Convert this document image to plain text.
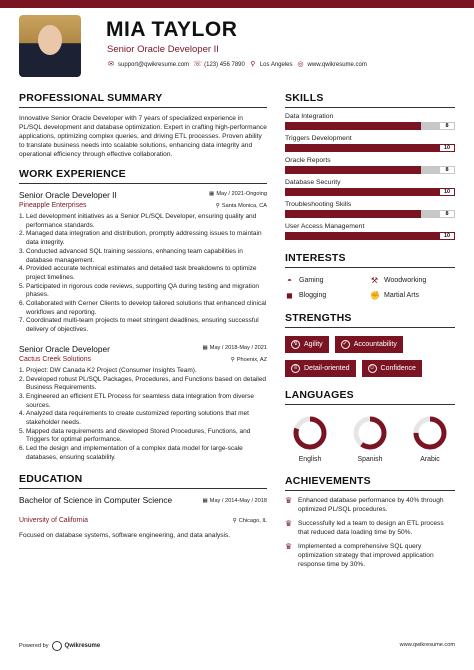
MIA TAYLOR
Senior Oracle Developer II
✉ support@qwikresume.com ☏ (123) 456 7890 ⚲ Los Angeles ◎ www.qwikresume.com
PROFESSIONAL SUMMARY

Innovative Senior Oracle Developer with 7 years of specialized experience in PL/SQL development and database optimization. Expert in crafting high-performance applications, optimizing complex queries, and driving ETL processes. Proven ability to translate business needs into scalable solutions, enhancing data integrity and operational efficiency through effective collaboration.

WORK EXPERIENCE
Senior Oracle Developer II	▦ May / 2021-Ongoing
Pineapple Enterprises	⚲ Santa Monica, CA
1. Led development initiatives as a Senior PL/SQL Developer, ensuring quality and performance standards.
2. Managed data integration and distribution, promptly addressing issues to maintain data integrity.
3. Conducted advanced SQL training sessions, enhancing team capabilities in database management.
4. Provided accurate technical estimates and detailed task breakdowns to optimize project timelines.
5. Participated in rigorous code reviews, supporting QA during testing and migration phases.
6. Collaborated with Cerner Clients to develop tailored solutions that enhanced clinical workflows and reporting.
7. Coordinated multi-team projects to meet stringent deadlines, ensuring successful delivery of objectives.
Senior Oracle Developer	▦ May / 2018-May / 2021
Cactus Creek Solutions	⚲ Phoenix, AZ
1. Project: DW Canada K2 Project (Consumer Insights Team).
2. Developed robust PL/SQL Packages, Procedures, and Functions based on detailed Business Requirements.
3. Engineered an efficient ETL Process for seamless data integration from diverse sources.
4. Analyzed data requirements to create customized reporting solutions that met stakeholder needs.
5. Mapped data requirements and developed Stored Procedures, Functions, and Triggers for optimal performance.
6. Led the design and implementation of a complex data model for large-scale databases, ensuring scalability.
EDUCATION
Bachelor of Science in Computer Science	▦ May / 2014-May / 2018
University of California	⚲ Chicago, IL

Focused on database systems, software engineering, and data analysis.

SKILLS
Data Integration
8
Triggers Development
10
Oracle Reports
8
Database Security
10
Troubleshooting Skills
8
User Access Management
10
INTERESTS
◓ Gaming	⚒ Woodworking
◼ Blogging	✊ Martial Arts
STRENGTHS
↯ Agility	✓ Accountability
≡ Detail-oriented	☺ Confidence
LANGUAGES
English	Spanish	Arabic
ACHIEVEMENTS
♛ Enhanced database performance by 40% through optimized PL/SQL procedures.
♛ Successfully led a team to design an ETL process that reduced data loading time by 50%.
♛ Implemented a comprehensive SQL query optimization strategy that improved application response time by 30%.
Powered by	Qwikresume	www.qwikresume.com
